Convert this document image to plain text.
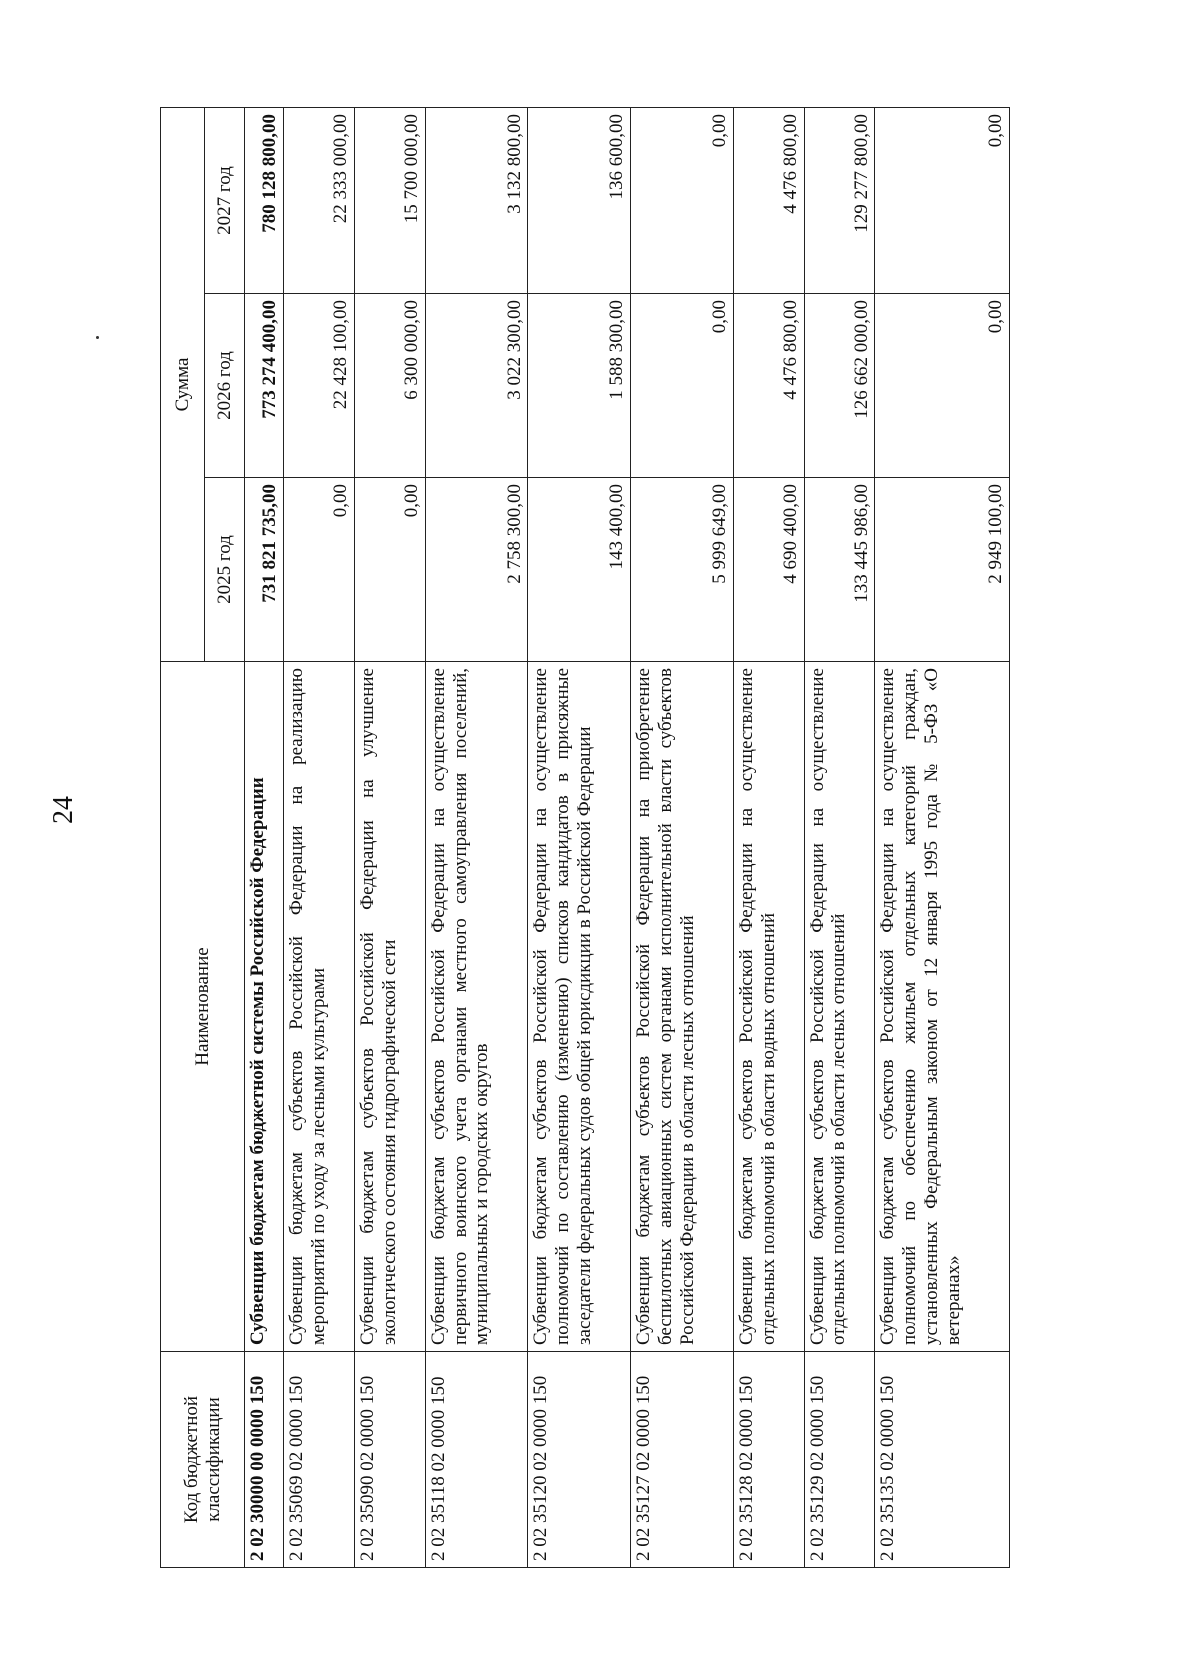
24
Код бюджетной классификации	Наименование	Сумма		
		2025 год	2026 год	2027 год
2 02 30000 00 0000 150	Субвенции бюджетам бюджетной системы Российской Федерации	731 821 735,00	773 274 400,00	780 128 800,00
2 02 35069 02 0000 150	Субвенции бюджетам субъектов Российской Федерации на реализацию мероприятий по уходу за лесными культурами	0,00	22 428 100,00	22 333 000,00
2 02 35090 02 0000 150	Субвенции бюджетам субъектов Российской Федерации на улучшение экологического состояния гидрографической сети	0,00	6 300 000,00	15 700 000,00
2 02 35118 02 0000 150	Субвенции бюджетам субъектов Российской Федерации на осуществление первичного воинского учета органами местного самоуправления поселений, муниципальных и городских округов	2 758 300,00	3 022 300,00	3 132 800,00
2 02 35120 02 0000 150	Субвенции бюджетам субъектов Российской Федерации на осуществление полномочий по составлению (изменению) списков кандидатов в присяжные заседатели федеральных судов общей юрисдикции в Российской Федерации	143 400,00	1 588 300,00	136 600,00
2 02 35127 02 0000 150	Субвенции бюджетам субъектов Российской Федерации на приобретение беспилотных авиационных систем органами исполнительной власти субъектов Российской Федерации в области лесных отношений	5 999 649,00	0,00	0,00
2 02 35128 02 0000 150	Субвенции бюджетам субъектов Российской Федерации на осуществление отдельных полномочий в области водных отношений	4 690 400,00	4 476 800,00	4 476 800,00
2 02 35129 02 0000 150	Субвенции бюджетам субъектов Российской Федерации на осуществление отдельных полномочий в области лесных отношений	133 445 986,00	126 662 000,00	129 277 800,00
2 02 35135 02 0000 150	Субвенции бюджетам субъектов Российской Федерации на осуществление полномочий по обеспечению жильем отдельных категорий граждан, установленных Федеральным законом от 12 января 1995 года № 5-ФЗ «О ветеранах»	2 949 100,00	0,00	0,00
